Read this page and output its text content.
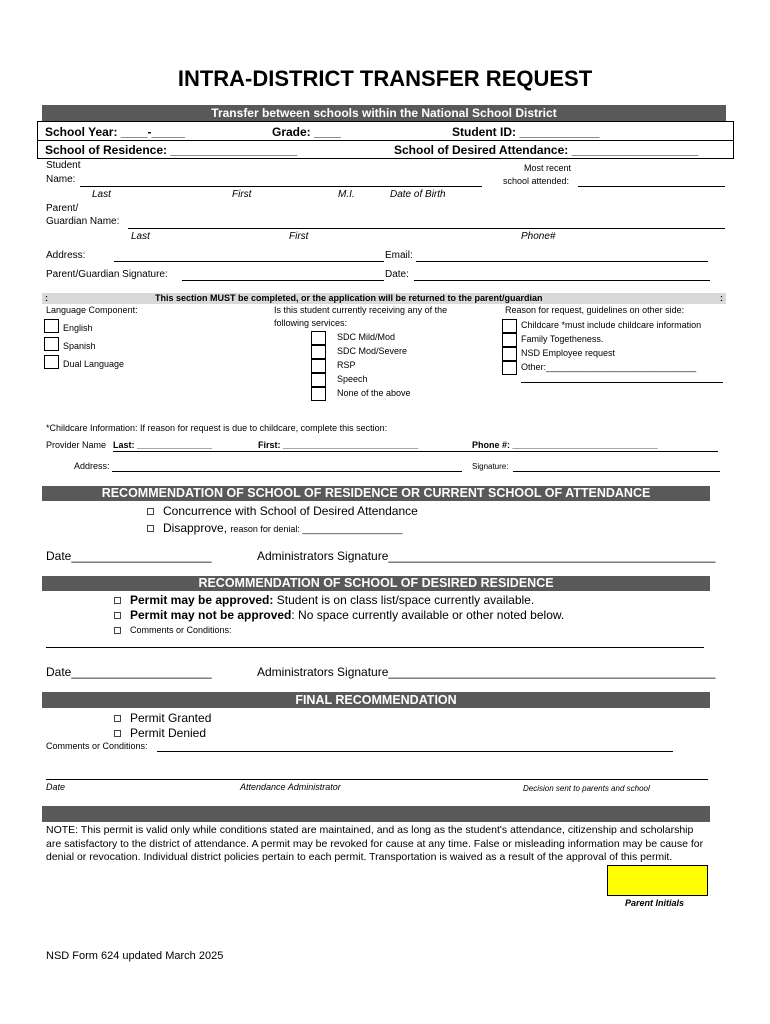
INTRA-DISTRICT TRANSFER REQUEST
Transfer between schools within the National School District
School Year: ____-_____	Grade: ____	Student ID: ____________
School of Residence: ___________________	School of Desired Attendance: ___________________
Student
Name:
Last	First	M.I.	Date of Birth
Most recent
school attended:
Parent/
Guardian Name:
Last	First	Phone#
Address:	Email:
Parent/Guardian Signature:	Date:
:	This section MUST be completed, or the application will be returned to the parent/guardian	:
Language Component:
English
Spanish
Dual Language
Is this student currently receiving any of the
following services:
SDC Mild/Mod
SDC Mod/Severe
RSP
Speech
None of the above
Reason for request, guidelines on other side:
Childcare *must include childcare information
Family Togetheness.
NSD Employee request
Other:______________________________
*Childcare Information: If reason for request is due to childcare, complete this section:
Provider Name Last: _______________	First: ___________________________	Phone #: _____________________________
Address:	Signature:
RECOMMENDATION OF SCHOOL OF RESIDENCE OR CURRENT SCHOOL OF ATTENDANCE
Concurrence with School of Desired Attendance
Disapprove, reason for denial: ____________________
Date_____________________	Administrators Signature_________________________________________________
RECOMMENDATION OF SCHOOL OF DESIRED RESIDENCE
Permit may be approved: Student is on class list/space currently available.
Permit may not be approved: No space currently available or other noted below.
Comments or Conditions:
Date_____________________	Administrators Signature_________________________________________________
FINAL RECOMMENDATION
Permit Granted
Permit Denied
Comments or Conditions:
Date	Attendance Administrator	Decision sent to parents and school
NOTE: This permit is valid only while conditions stated are maintained, and as long as the student's attendance, citizenship and scholarship are satisfactory to the district of attendance. A permit may be revoked for cause at any time. False or misleading information may be cause for denial or revocation. Individual district policies pertain to each permit. Transportation is waived as a result of the approval of this permit.
Parent Initials
NSD Form 624 updated March 2025
